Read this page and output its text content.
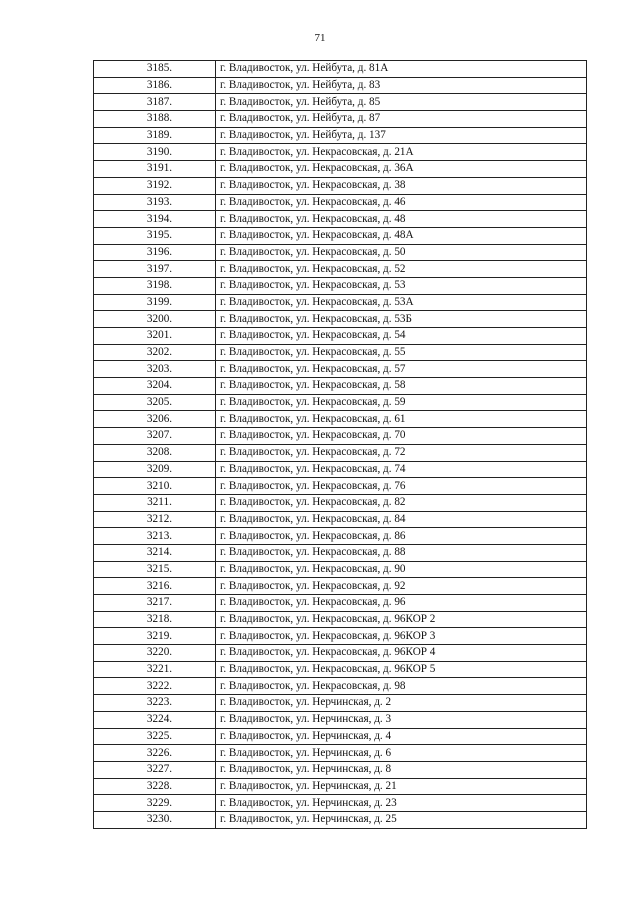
71
3185.	г. Владивосток, ул. Нейбута, д. 81А
3186.	г. Владивосток, ул. Нейбута, д. 83
3187.	г. Владивосток, ул. Нейбута, д. 85
3188.	г. Владивосток, ул. Нейбута, д. 87
3189.	г. Владивосток, ул. Нейбута, д. 137
3190.	г. Владивосток, ул. Некрасовская, д. 21А
3191.	г. Владивосток, ул. Некрасовская, д. 36А
3192.	г. Владивосток, ул. Некрасовская, д. 38
3193.	г. Владивосток, ул. Некрасовская, д. 46
3194.	г. Владивосток, ул. Некрасовская, д. 48
3195.	г. Владивосток, ул. Некрасовская, д. 48А
3196.	г. Владивосток, ул. Некрасовская, д. 50
3197.	г. Владивосток, ул. Некрасовская, д. 52
3198.	г. Владивосток, ул. Некрасовская, д. 53
3199.	г. Владивосток, ул. Некрасовская, д. 53А
3200.	г. Владивосток, ул. Некрасовская, д. 53Б
3201.	г. Владивосток, ул. Некрасовская, д. 54
3202.	г. Владивосток, ул. Некрасовская, д. 55
3203.	г. Владивосток, ул. Некрасовская, д. 57
3204.	г. Владивосток, ул. Некрасовская, д. 58
3205.	г. Владивосток, ул. Некрасовская, д. 59
3206.	г. Владивосток, ул. Некрасовская, д. 61
3207.	г. Владивосток, ул. Некрасовская, д. 70
3208.	г. Владивосток, ул. Некрасовская, д. 72
3209.	г. Владивосток, ул. Некрасовская, д. 74
3210.	г. Владивосток, ул. Некрасовская, д. 76
3211.	г. Владивосток, ул. Некрасовская, д. 82
3212.	г. Владивосток, ул. Некрасовская, д. 84
3213.	г. Владивосток, ул. Некрасовская, д. 86
3214.	г. Владивосток, ул. Некрасовская, д. 88
3215.	г. Владивосток, ул. Некрасовская, д. 90
3216.	г. Владивосток, ул. Некрасовская, д. 92
3217.	г. Владивосток, ул. Некрасовская, д. 96
3218.	г. Владивосток, ул. Некрасовская, д. 96КОР 2
3219.	г. Владивосток, ул. Некрасовская, д. 96КОР 3
3220.	г. Владивосток, ул. Некрасовская, д. 96КОР 4
3221.	г. Владивосток, ул. Некрасовская, д. 96КОР 5
3222.	г. Владивосток, ул. Некрасовская, д. 98
3223.	г. Владивосток, ул. Нерчинская, д. 2
3224.	г. Владивосток, ул. Нерчинская, д. 3
3225.	г. Владивосток, ул. Нерчинская, д. 4
3226.	г. Владивосток, ул. Нерчинская, д. 6
3227.	г. Владивосток, ул. Нерчинская, д. 8
3228.	г. Владивосток, ул. Нерчинская, д. 21
3229.	г. Владивосток, ул. Нерчинская, д. 23
3230.	г. Владивосток, ул. Нерчинская, д. 25
